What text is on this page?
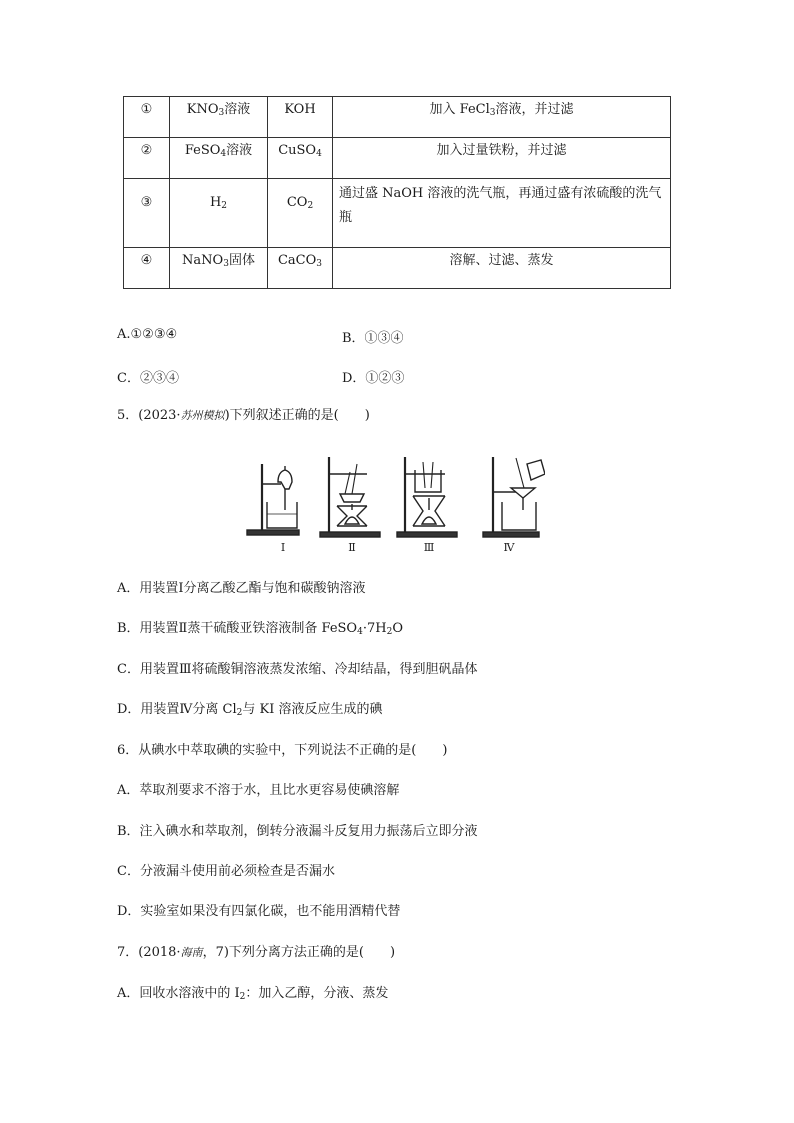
①	$KNO_3$溶液	KOH	加入 FeCl$_3$溶液，并过滤
②	FeSO$_4$溶液	CuSO$_4$	加入过量铁粉，并过滤
③	$H_2$	$CO_2$	通过盛 NaOH 溶液的洗气瓶，再通过盛有浓硫酸的洗气瓶
④	NaNO$_3$固体	CaCO$_3$	溶解、过滤、蒸发
A.①②③④	B．①③④
C．②③④	D．①②③
5．(2023·苏州模拟)下列叙述正确的是(　　)
Ⅰ	Ⅱ	Ⅲ	Ⅳ
A．用装置Ⅰ分离乙酸乙酯与饱和碳酸钠溶液
B．用装置Ⅱ蒸干硫酸亚铁溶液制备 $FeSO_4\cdot 7H_2O$
C．用装置Ⅲ将硫酸铜溶液蒸发浓缩、冷却结晶，得到胆矾晶体
D．用装置Ⅳ分离 $Cl_2$与 KI 溶液反应生成的碘
6．从碘水中萃取碘的实验中，下列说法不正确的是(　　)
A．萃取剂要求不溶于水，且比水更容易使碘溶解
B．注入碘水和萃取剂，倒转分液漏斗反复用力振荡后立即分液
C．分液漏斗使用前必须检查是否漏水
D．实验室如果没有四氯化碳，也不能用酒精代替
7．(2018·海南，7)下列分离方法正确的是(　　)
A．回收水溶液中的 $I_2$：加入乙醇，分液、蒸发
